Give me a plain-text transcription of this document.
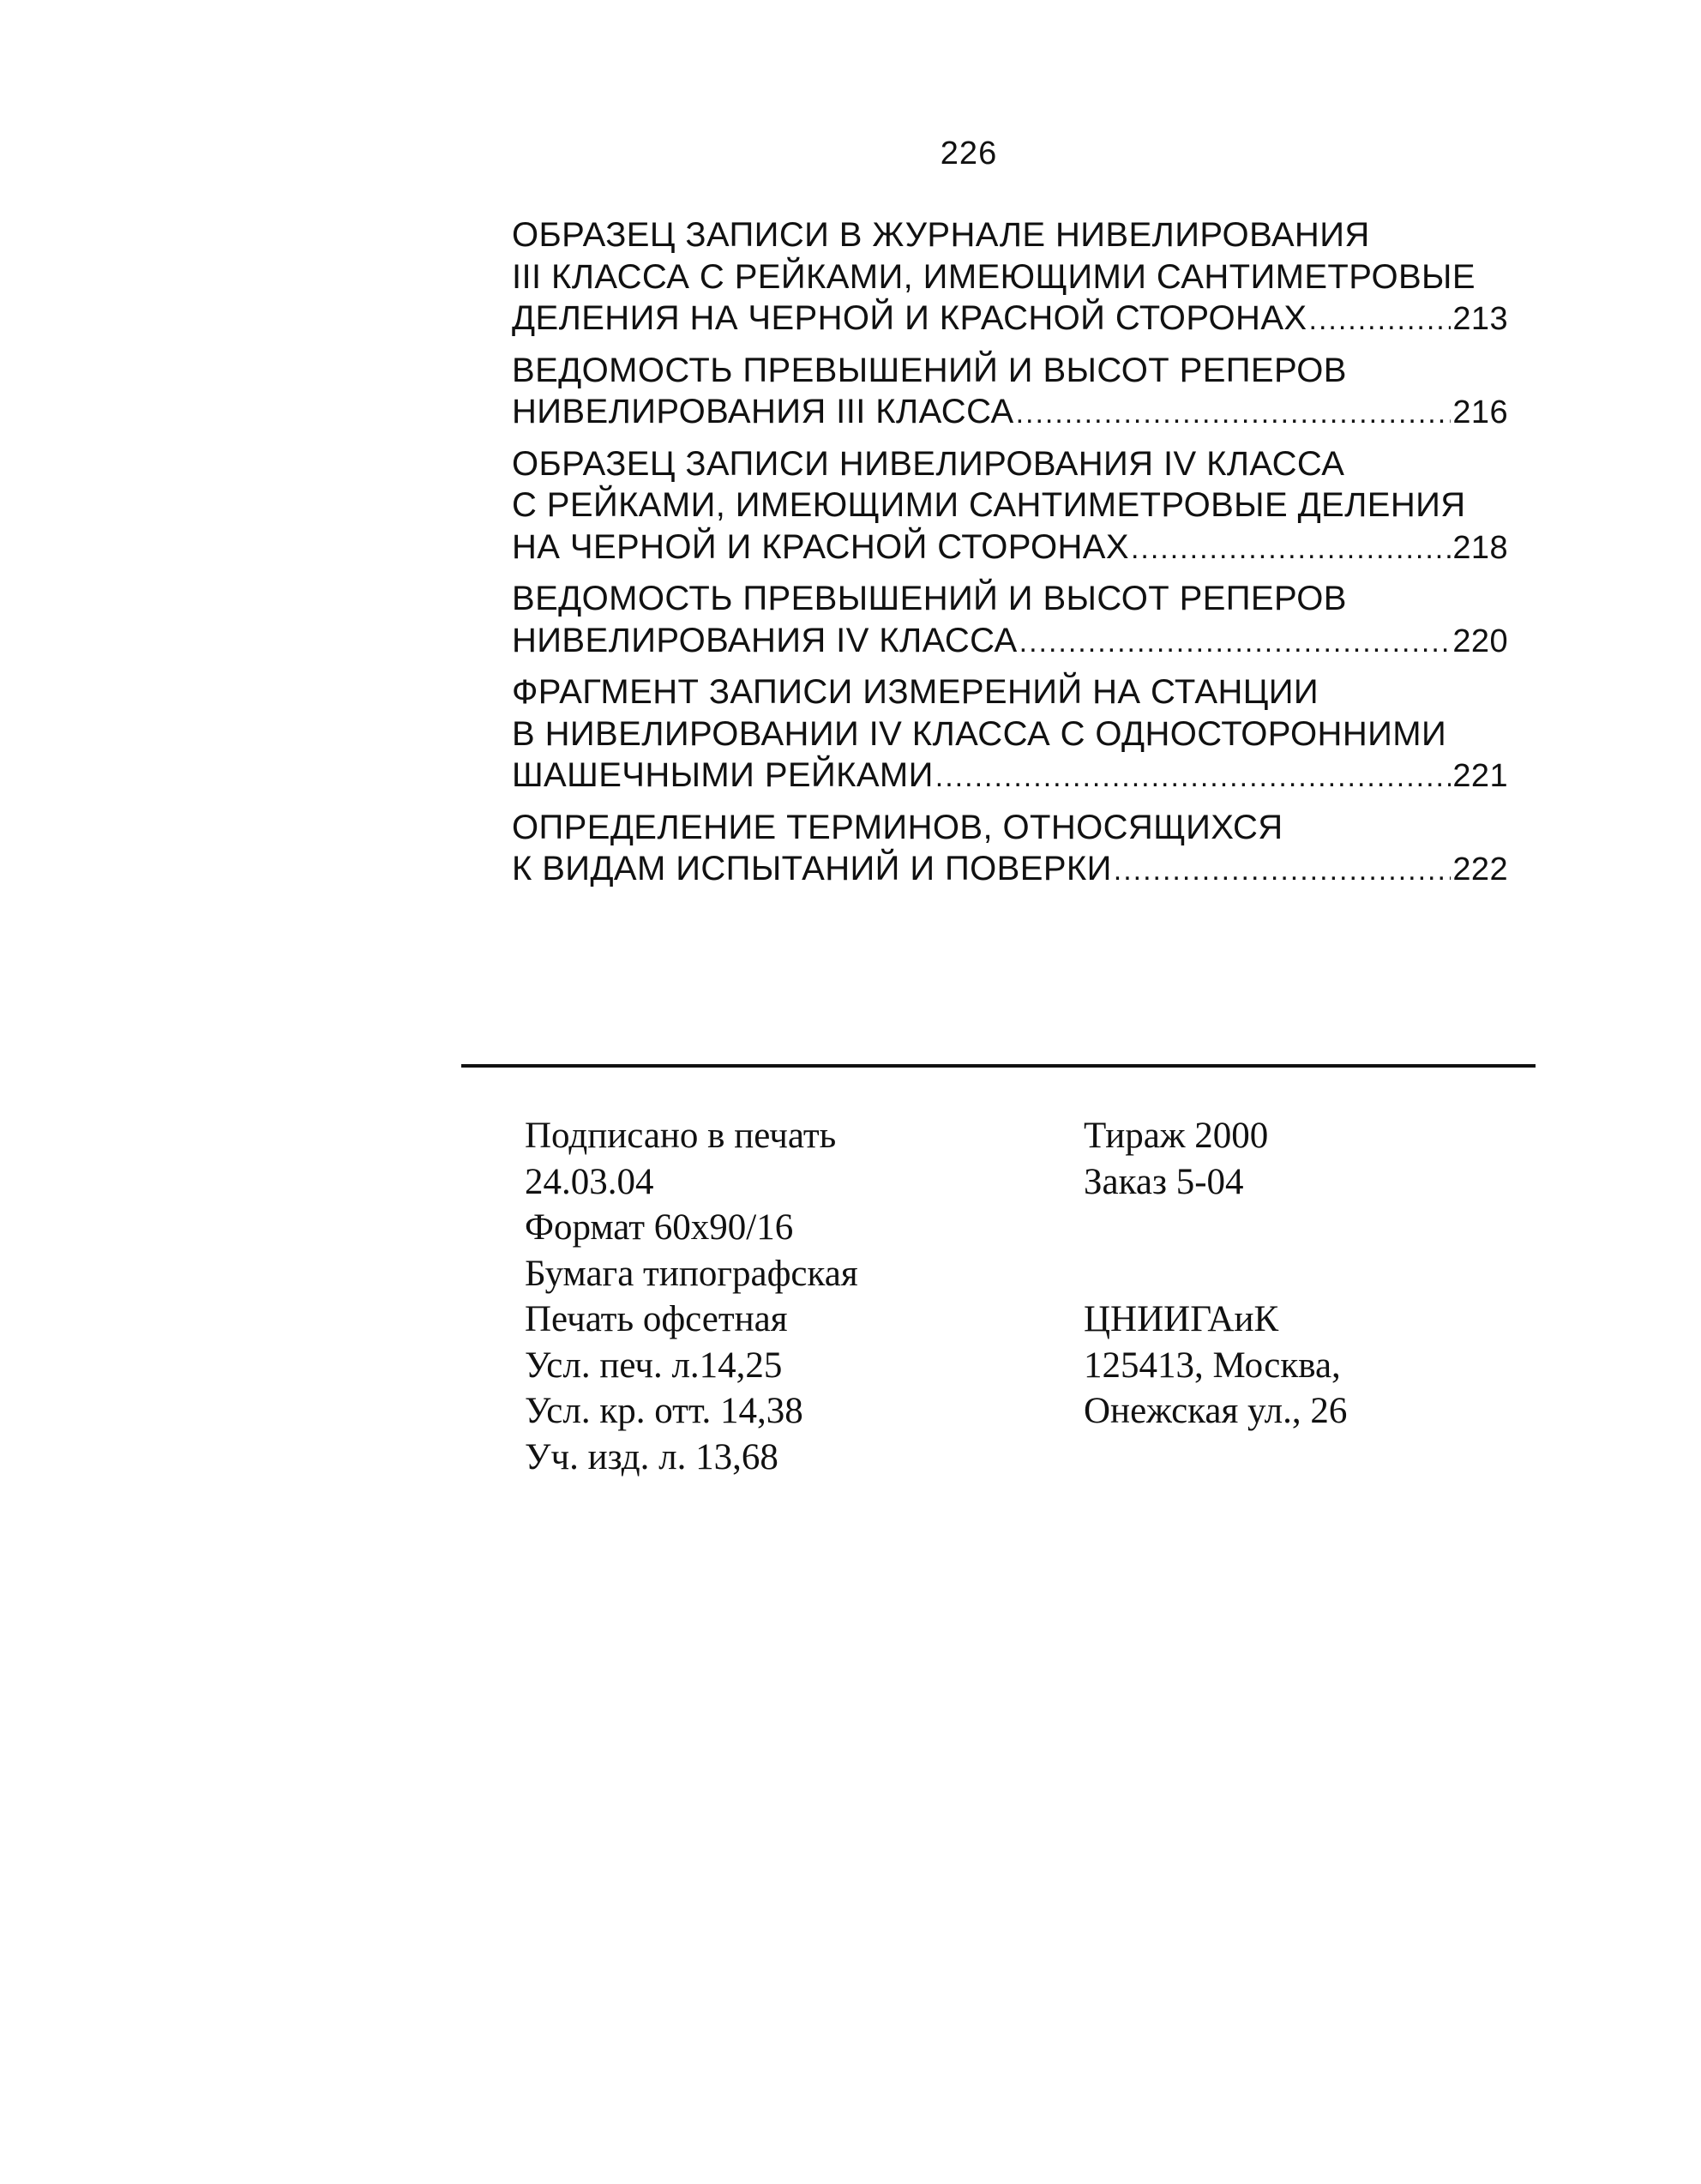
226
ОБРАЗЕЦ ЗАПИСИ В ЖУРНАЛЕ НИВЕЛИРОВАНИЯ
III КЛАССА С РЕЙКАМИ, ИМЕЮЩИМИ САНТИМЕТРОВЫЕ
ДЕЛЕНИЯ НА ЧЕРНОЙ И КРАСНОЙ СТОРОНАХ .....	213
ВЕДОМОСТЬ ПРЕВЫШЕНИЙ И ВЫСОТ РЕПЕРОВ
НИВЕЛИРОВАНИЯ III КЛАССА .....	216
ОБРАЗЕЦ ЗАПИСИ НИВЕЛИРОВАНИЯ IV КЛАССА
С РЕЙКАМИ, ИМЕЮЩИМИ САНТИМЕТРОВЫЕ ДЕЛЕНИЯ
НА ЧЕРНОЙ И КРАСНОЙ СТОРОНАХ .....	218
ВЕДОМОСТЬ ПРЕВЫШЕНИЙ И ВЫСОТ РЕПЕРОВ
НИВЕЛИРОВАНИЯ IV КЛАССА .....	220
ФРАГМЕНТ ЗАПИСИ ИЗМЕРЕНИЙ НА СТАНЦИИ
В НИВЕЛИРОВАНИИ IV КЛАССА С ОДНОСТОРОННИМИ
ШАШЕЧНЫМИ РЕЙКАМИ .....	221
ОПРЕДЕЛЕНИЕ ТЕРМИНОВ, ОТНОСЯЩИХСЯ
К ВИДАМ ИСПЫТАНИЙ И ПОВЕРКИ .....	222
Подписано в печать
24.03.04
Формат 60x90/16
Бумага типографская
Печать офсетная
Усл. печ. л.14,25
Усл. кр. отт. 14,38
Уч. изд. л. 13,68
Тираж 2000
Заказ 5-04
ЦНИИГАиК
125413, Москва,
Онежская ул., 26
